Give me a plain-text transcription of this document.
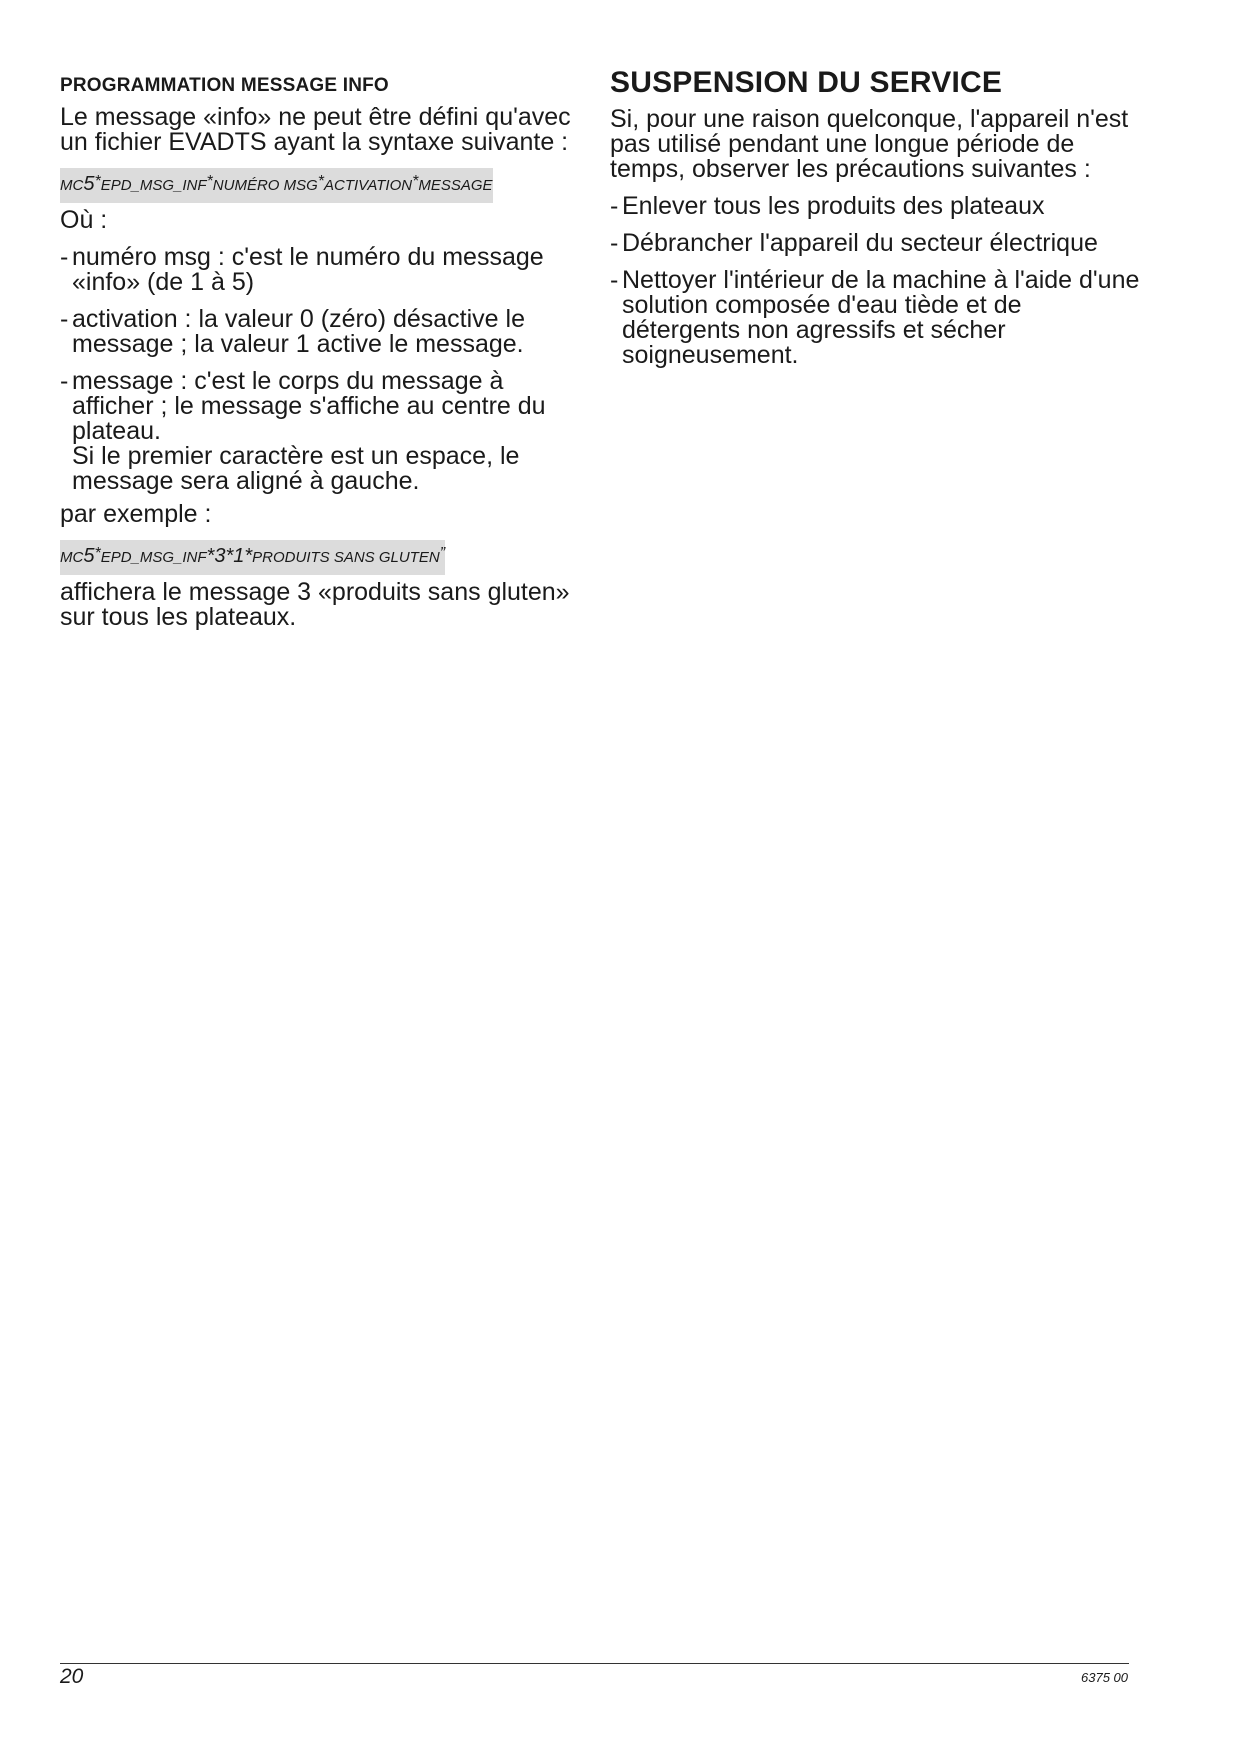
PROGRAMMATION MESSAGE INFO

Le message «info» ne peut être défini qu'avec un fichier EVADTS ayant la syntaxe suivante :

MC5*EPD_MSG_INF*NUMÉRO MSG*ACTIVATION*MESSAGE

Où :

- numéro msg : c'est le numéro du message «info» (de 1 à 5)
- activation : la valeur 0 (zéro) désactive le message ; la valeur 1 active le message.
- message : c'est le corps du message à afficher ; le message s'affiche au centre du plateau.
Si le premier caractère est un espace, le message sera aligné à gauche.

par exemple :

MC5*EPD_MSG_INF*3*1*PRODUITS SANS GLUTEN”

affichera le message 3 «produits sans gluten» sur tous les plateaux.

SUSPENSION DU SERVICE

Si, pour une raison quelconque, l'appareil n'est pas utilisé pendant une longue période de temps, observer les précautions suivantes :

- Enlever tous les produits des plateaux
- Débrancher l'appareil du secteur électrique
- Nettoyer l'intérieur de la machine à l'aide d'une solution composée d'eau tiède et de détergents non agressifs et sécher soigneusement.
20	6375 00
